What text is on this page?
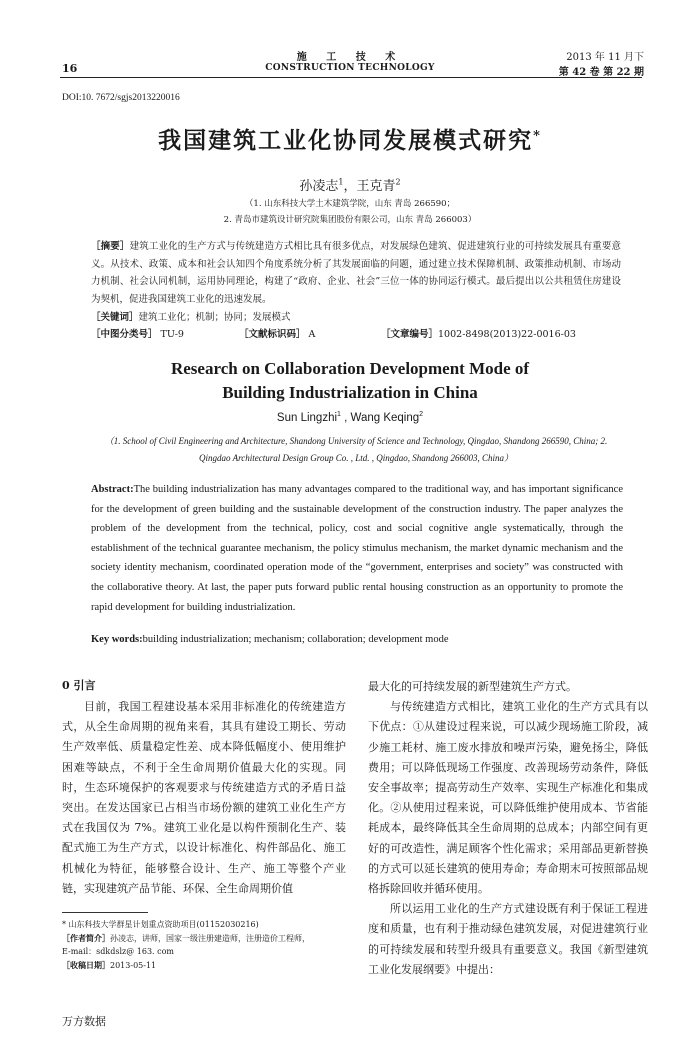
16
施 工 技 术
CONSTRUCTION TECHNOLOGY
2013 年 11 月下
第 42 卷 第 22 期
DOI:10. 7672/sgjs2013220016
我国建筑工业化协同发展模式研究*
孙凌志$^1$，王克青$^2$
（1. 山东科技大学土木建筑学院，山东 青岛 266590；
2. 青岛市建筑设计研究院集团股份有限公司，山东 青岛 266003）
［摘要］建筑工业化的生产方式与传统建造方式相比具有很多优点，对发展绿色建筑、促进建筑行业的可持续发展具有重要意义。从技术、政策、成本和社会认知四个角度系统分析了其发展面临的问题，通过建立技术保障机制、政策推动机制、市场动力机制、社会认同机制，运用协同理论，构建了“政府、企业、社会”三位一体的协同运行模式。最后提出以公共租赁住房建设为契机，促进我国建筑工业化的迅速发展。
［关键词］建筑工业化；机制；协同；发展模式
［中图分类号］ TU-9	［文献标识码］ A	［文章编号］1002-8498(2013)22-0016-03
Research on Collaboration Development Mode of
Building Industrialization in China
Sun Lingzhi$^1$ , Wang Keqing$^2$
（1. School of Civil Engineering and Architecture, Shandong University of Science and Technology, Qingdao, Shandong 266590, China; 2. Qingdao Architectural Design Group Co. , Ltd. , Qingdao, Shandong 266003, China）
Abstract:The building industrialization has many advantages compared to the traditional way, and has important significance for the development of green building and the sustainable development of the construction industry. The paper analyzes the problem of the development from the technical, policy, cost and social cognitive angle systematically, through the establishment of the technical guarantee mechanism, the policy stimulus mechanism, the market dynamic mechanism and the society identity mechanism, coordinated operation mode of the “government, enterprises and society” was constructed with the collaborative theory. At last, the paper puts forward public rental housing construction as an opportunity to promote the rapid development for building industrialization.
Key words:building industrialization; mechanism; collaboration; development mode
0 引言

目前，我国工程建设基本采用非标准化的传统建造方式，从全生命周期的视角来看，其具有建设工期长、劳动生产效率低、质量稳定性差、成本降低幅度小、使用维护困难等缺点，不利于全生命周期价值最大化的实现。同时，生态环境保护的客观要求与传统建造方式的矛盾日益突出。在发达国家已占相当市场份额的建筑工业化生产方式在我国仅为 7%。建筑工业化是以构件预制化生产、装配式施工为生产方式，以设计标准化、构件部品化、施工机械化为特征，能够整合设计、生产、施工等整个产业链，实现建筑产品节能、环保、全生命周期价值

最大化的可持续发展的新型建筑生产方式。

与传统建造方式相比，建筑工业化的生产方式具有以下优点：①从建设过程来说，可以减少现场施工阶段，减少施工耗材、施工废水排放和噪声污染，避免扬尘，降低费用；可以降低现场工作强度、改善现场劳动条件，降低安全事故率；提高劳动生产效率、实现生产标准化和集成化。②从使用过程来说，可以降低维护使用成本、节省能耗成本，最终降低其全生命周期的总成本；内部空间有更好的可改造性，满足顾客个性化需求；采用部品更新替换的方式可以延长建筑的使用寿命；寿命期末可按照部品规格拆除回收并循环使用。

所以运用工业化的生产方式建设既有利于保证工程进度和质量，也有利于推动绿色建筑发展，对促进建筑行业的可持续发展和转型升级具有重要意义。我国《新型建筑工业化发展纲要》中提出：

* 山东科技大学群星计划重点资助项目(01152030216)

［作者简介］孙凌志，讲师，国家一级注册建造师，注册造价工程师，

E-mail：sdkdslz@ 163. com

［收稿日期］2013-05-11

万方数据
